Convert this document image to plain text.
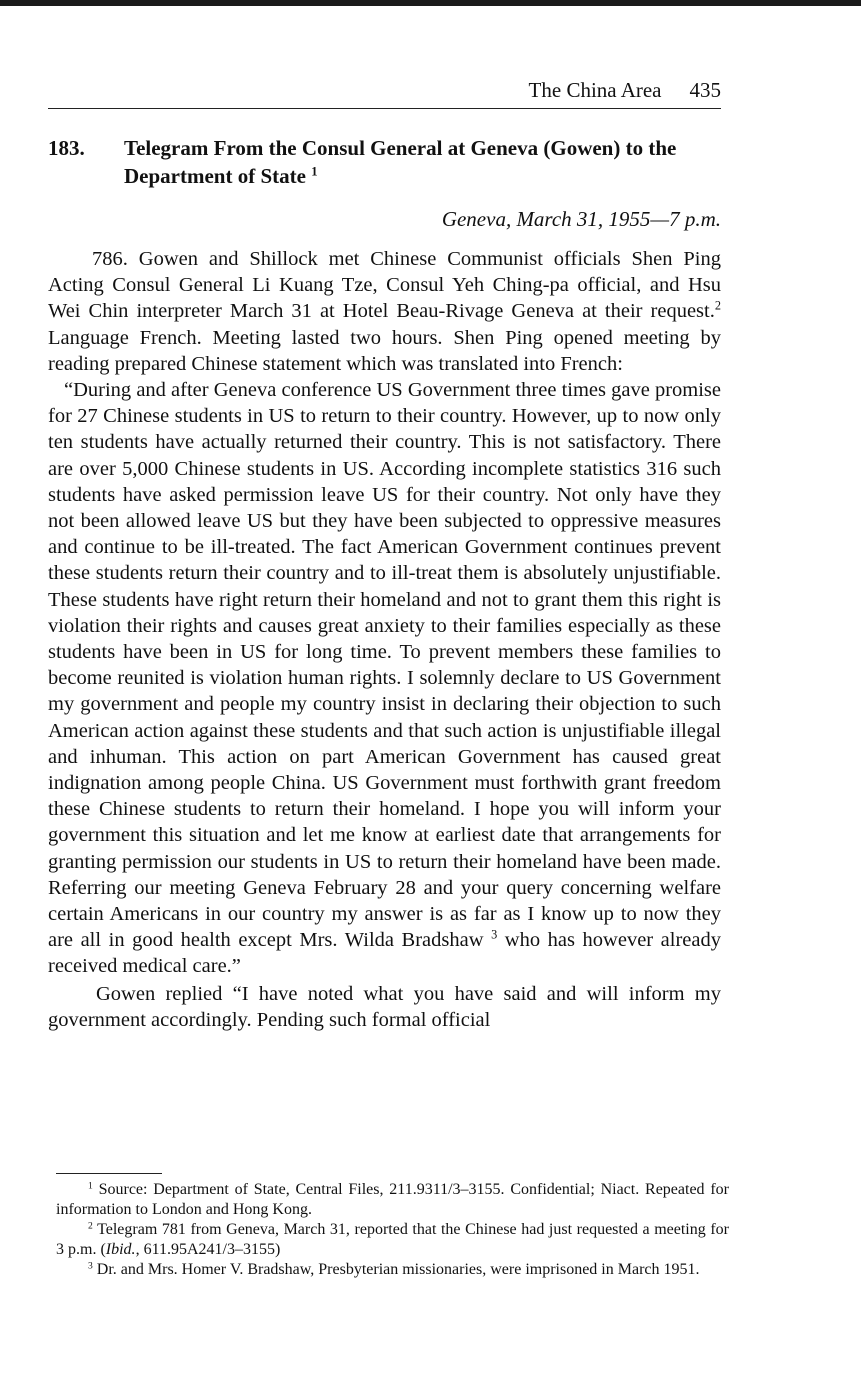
The China Area 435
183. Telegram From the Consul General at Geneva (Gowen) to the Department of State $^1$
Geneva, March 31, 1955—7 p.m.

786. Gowen and Shillock met Chinese Communist officials Shen Ping Acting Consul General Li Kuang Tze, Consul Yeh Ching-pa official, and Hsu Wei Chin interpreter March 31 at Hotel Beau-Rivage Geneva at their request.$^2$ Language French. Meeting lasted two hours. Shen Ping opened meeting by reading prepared Chinese statement which was translated into French:

“During and after Geneva conference US Government three times gave promise for 27 Chinese students in US to return to their country. However, up to now only ten students have actually returned their country. This is not satisfactory. There are over 5,000 Chinese students in US. According incomplete statistics 316 such students have asked permission leave US for their country. Not only have they not been allowed leave US but they have been subjected to oppressive measures and continue to be ill-treated. The fact American Government continues prevent these students return their country and to ill-treat them is absolutely unjustifiable. These students have right return their homeland and not to grant them this right is violation their rights and causes great anxiety to their families especially as these students have been in US for long time. To prevent members these families to become reunited is violation human rights. I solemnly declare to US Government my government and people my country insist in declaring their objection to such American action against these students and that such action is unjustifiable illegal and inhuman. This action on part American Government has caused great indignation among people China. US Government must forthwith grant freedom these Chinese students to return their homeland. I hope you will inform your government this situation and let me know at earliest date that arrangements for granting permission our students in US to return their homeland have been made. Referring our meeting Geneva February 28 and your query concerning welfare certain Americans in our country my answer is as far as I know up to now they are all in good health except Mrs. Wilda Bradshaw $^3$ who has however already received medical care.”

Gowen replied “I have noted what you have said and will inform my government accordingly. Pending such formal official

$^1$ Source: Department of State, Central Files, 211.9311/3–3155. Confidential; Niact. Repeated for information to London and Hong Kong.

$^2$ Telegram 781 from Geneva, March 31, reported that the Chinese had just requested a meeting for 3 p.m. (Ibid., 611.95A241/3–3155)

$^3$ Dr. and Mrs. Homer V. Bradshaw, Presbyterian missionaries, were imprisoned in March 1951.
